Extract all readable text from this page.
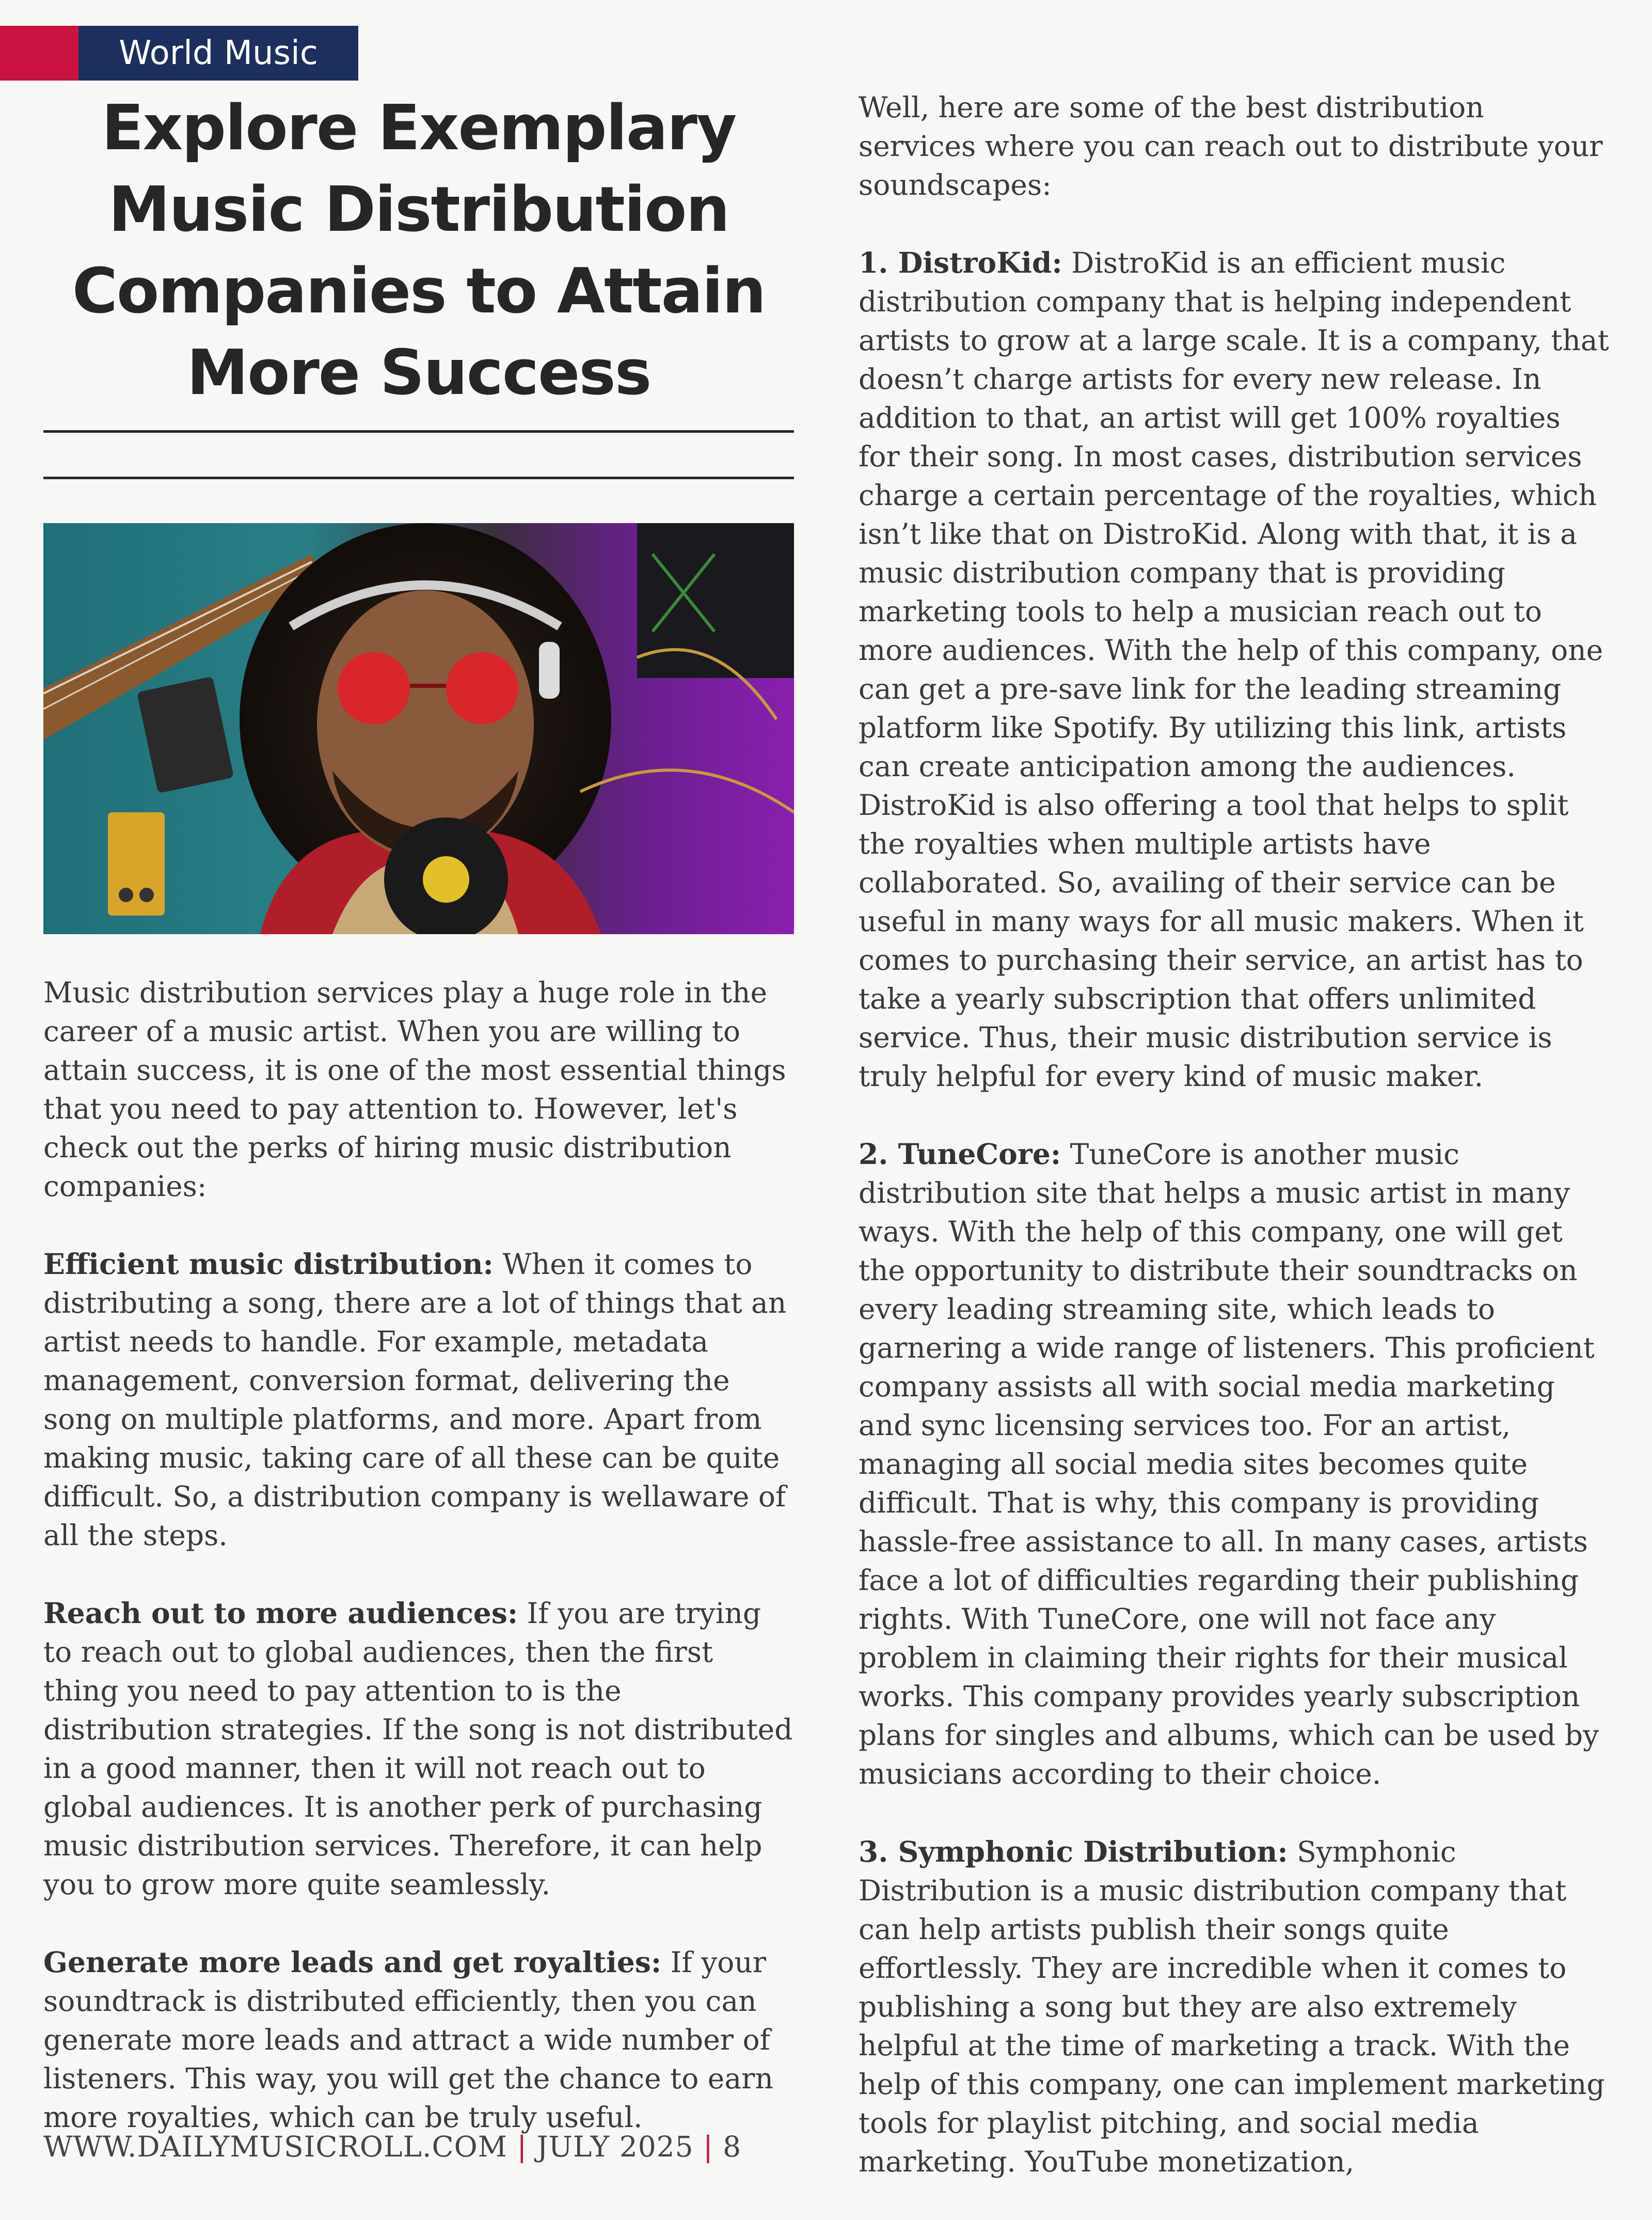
World Music
Explore Exemplary Music Distribution Companies to Attain More Success

Music distribution services play a huge role in the career of a music artist. When you are willing to attain success, it is one of the most essential things that you need to pay attention to. However, let's check out the perks of hiring music distribution companies:

Efficient music distribution: When it comes to distributing a song, there are a lot of things that an artist needs to handle. For example, metadata management, conversion format, delivering the song on multiple platforms, and more. Apart from making music, taking care of all these can be quite difficult. So, a distribution company is wellaware of all the steps.

Reach out to more audiences: If you are trying to reach out to global audiences, then the first thing you need to pay attention to is the distribution strategies. If the song is not distributed in a good manner, then it will not reach out to global audiences. It is another perk of purchasing music distribution services. Therefore, it can help you to grow more quite seamlessly.

Generate more leads and get royalties: If your soundtrack is distributed efficiently, then you can generate more leads and attract a wide number of listeners. This way, you will get the chance to earn more royalties, which can be truly useful.

Well, here are some of the best distribution services where you can reach out to distribute your soundscapes:

1. DistroKid: DistroKid is an efficient music distribution company that is helping independent artists to grow at a large scale. It is a company, that doesn’t charge artists for every new release. In addition to that, an artist will get 100% royalties for their song. In most cases, distribution services charge a certain percentage of the royalties, which isn’t like that on DistroKid. Along with that, it is a music distribution company that is providing marketing tools to help a musician reach out to more audiences. With the help of this company, one can get a pre-save link for the leading streaming platform like Spotify. By utilizing this link, artists can create anticipation among the audiences. DistroKid is also offering a tool that helps to split the royalties when multiple artists have collaborated. So, availing of their service can be useful in many ways for all music makers. When it comes to purchasing their service, an artist has to take a yearly subscription that offers unlimited service. Thus, their music distribution service is truly helpful for every kind of music maker.

2. TuneCore: TuneCore is another music distribution site that helps a music artist in many ways. With the help of this company, one will get the opportunity to distribute their soundtracks on every leading streaming site, which leads to garnering a wide range of listeners. This proficient company assists all with social media marketing and sync licensing services too. For an artist, managing all social media sites becomes quite difficult. That is why, this company is providing hassle-free assistance to all. In many cases, artists face a lot of difficulties regarding their publishing rights. With TuneCore, one will not face any problem in claiming their rights for their musical works. This company provides yearly subscription plans for singles and albums, which can be used by musicians according to their choice.

3. Symphonic Distribution: Symphonic Distribution is a music distribution company that can help artists publish their songs quite effortlessly. They are incredible when it comes to publishing a song but they are also extremely helpful at the time of marketing a track. With the help of this company, one can implement marketing tools for playlist pitching, and social media marketing. YouTube monetization,

WWW.DAILYMUSICROLL.COM | JULY 2025 | 8
